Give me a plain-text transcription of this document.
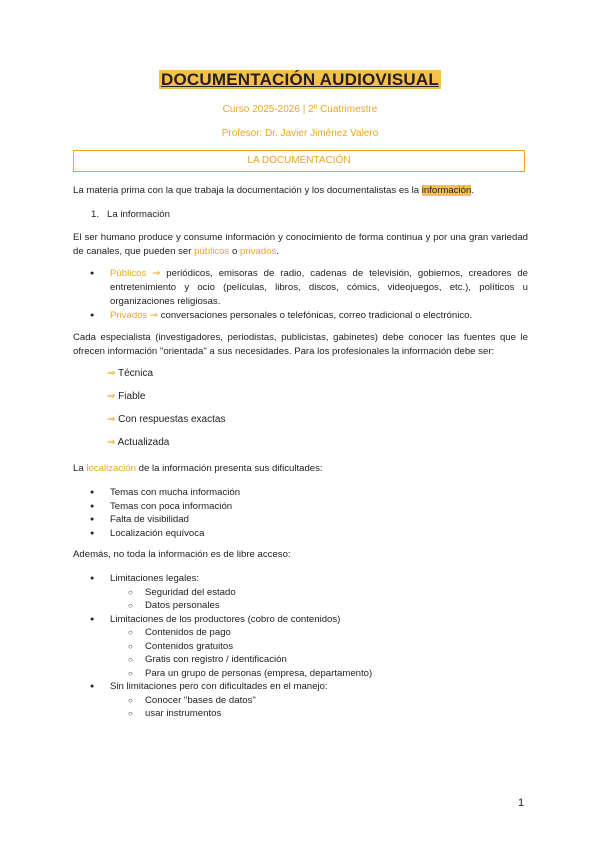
DOCUMENTACIÓN AUDIOVISUAL
Curso 2025-2026 | 2º Cuatrimestre
Profesor: Dr. Javier Jiménez Valero
LA DOCUMENTACIÓN
La materia prima con la que trabaja la documentación y los documentalistas es la información.
1. La información
El ser humano produce y consume información y conocimiento de forma continua y por una gran variedad de canales, que pueden ser públicos o privados.
● Públicos ⇒ periódicos, emisoras de radio, cadenas de televisión, gobiernos, creadores de entretenimiento y ocio (películas, libros, discos, cómics, videojuegos, etc.), políticos u organizaciones religiosas.
● Privados ⇒ conversaciones personales o telefónicas, correo tradicional o electrónico.
Cada especialista (investigadores, periodistas, publicistas, gabinetes) debe conocer las fuentes que le ofrecen información "orientada" a sus necesidades. Para los profesionales la información debe ser:
⇒ Técnica
⇒ Fiable
⇒ Con respuestas exactas
⇒ Actualizada
La localización de la información presenta sus dificultades:
● Temas con mucha información
● Temas con poca información
● Falta de visibilidad
● Localización equívoca
Además, no toda la información es de libre acceso:
● Limitaciones legales:
○ Seguridad del estado
○ Datos personales
● Limitaciones de los productores (cobro de contenidos)
○ Contenidos de pago
○ Contenidos gratuitos
○ Gratis con registro / identificación
○ Para un grupo de personas (empresa, departamento)
● Sin limitaciones pero con dificultades en el manejo:
○ Conocer "bases de datos"
○ usar instrumentos
1
